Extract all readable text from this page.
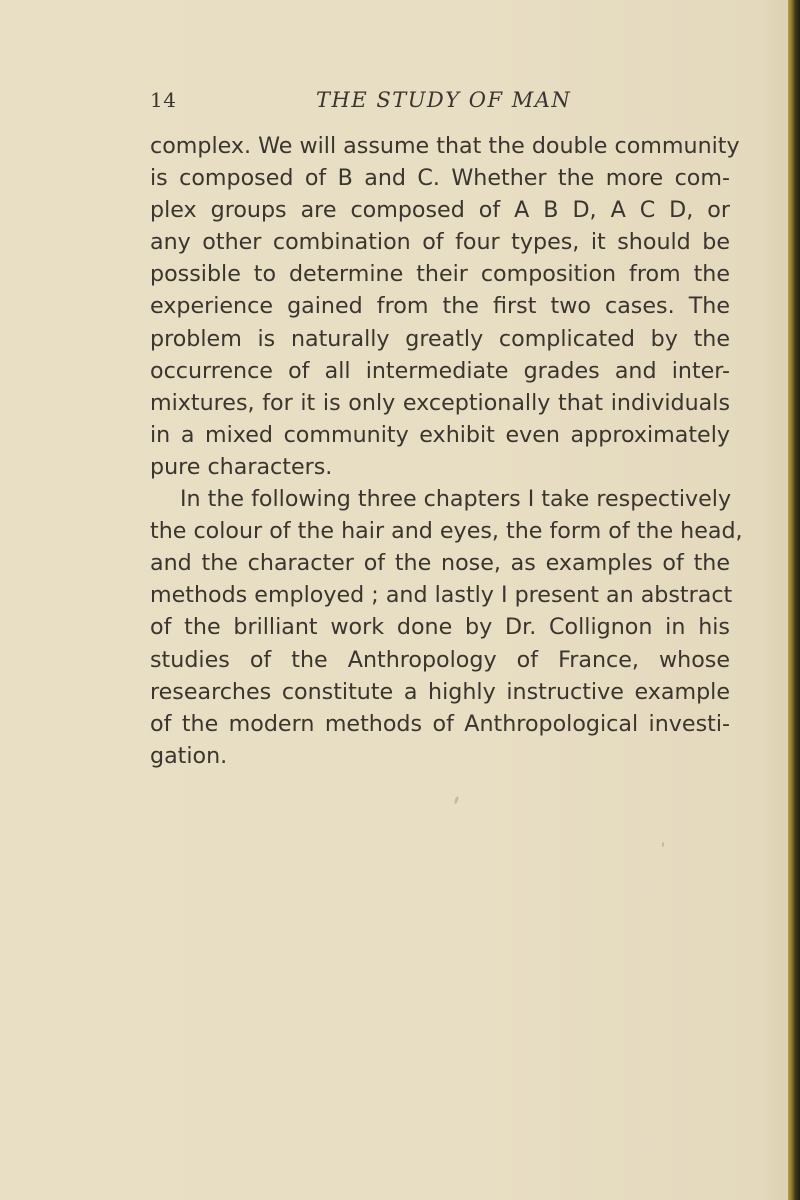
14	THE STUDY OF MAN
complex. We will assume that the double community
is composed of B and C. Whether the more com-
plex groups are composed of A B D, A C D, or
any other combination of four types, it should be
possible to determine their composition from the
experience gained from the first two cases. The
problem is naturally greatly complicated by the
occurrence of all intermediate grades and inter-
mixtures, for it is only exceptionally that individuals
in a mixed community exhibit even approximately
pure characters.
In the following three chapters I take respectively
the colour of the hair and eyes, the form of the head,
and the character of the nose, as examples of the
methods employed ; and lastly I present an abstract
of the brilliant work done by Dr. Collignon in his
studies of the Anthropology of France, whose
researches constitute a highly instructive example
of the modern methods of Anthropological investi-
gation.
